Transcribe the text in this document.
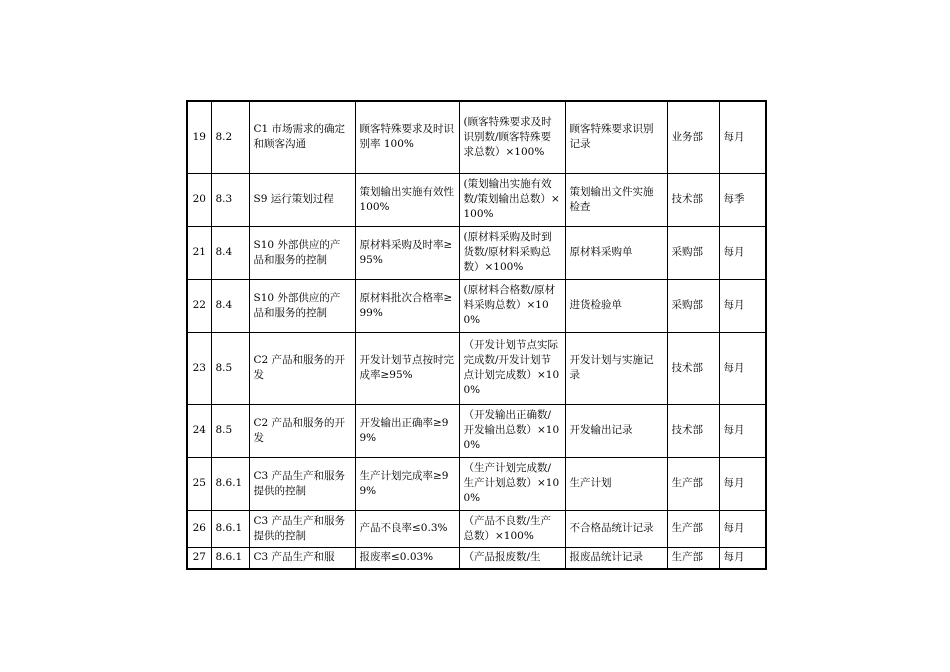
19	8.2	C1 市场需求的确定和顾客沟通	顾客特殊要求及时识别率 100%	(顾客特殊要求及时识别数/顾客特殊要求总数）×100%	顾客特殊要求识别记录	业务部	每月
20	8.3	S9 运行策划过程	策划输出实施有效性 100%	(策划输出实施有效数/策划输出总数）×100%	策划输出文件实施检查	技术部	每季
21	8.4	S10 外部供应的产品和服务的控制	原材料采购及时率≥95%	(原材料采购及时到货数/原材料采购总数）×100%	原材料采购单	采购部	每月
22	8.4	S10 外部供应的产品和服务的控制	原材料批次合格率≥99%	(原材料合格数/原材料采购总数）×100%	进货检验单	采购部	每月
23	8.5	C2 产品和服务的开发	开发计划节点按时完成率≥95%	（开发计划节点实际完成数/开发计划节点计划完成数）×100%	开发计划与实施记录	技术部	每月
24	8.5	C2 产品和服务的开发	开发输出正确率≥99%	（开发输出正确数/开发输出总数）×100%	开发输出记录	技术部	每月
25	8.6.1	C3 产品生产和服务提供的控制	生产计划完成率≥99%	（生产计划完成数/生产计划总数）×100%	生产计划	生产部	每月
26	8.6.1	C3 产品生产和服务提供的控制	产品不良率≤0.3%	（产品不良数/生产总数）×100%	不合格品统计记录	生产部	每月
27	8.6.1	C3 产品生产和服	报废率≤0.03%	（产品报废数/生	报废品统计记录	生产部	每月
